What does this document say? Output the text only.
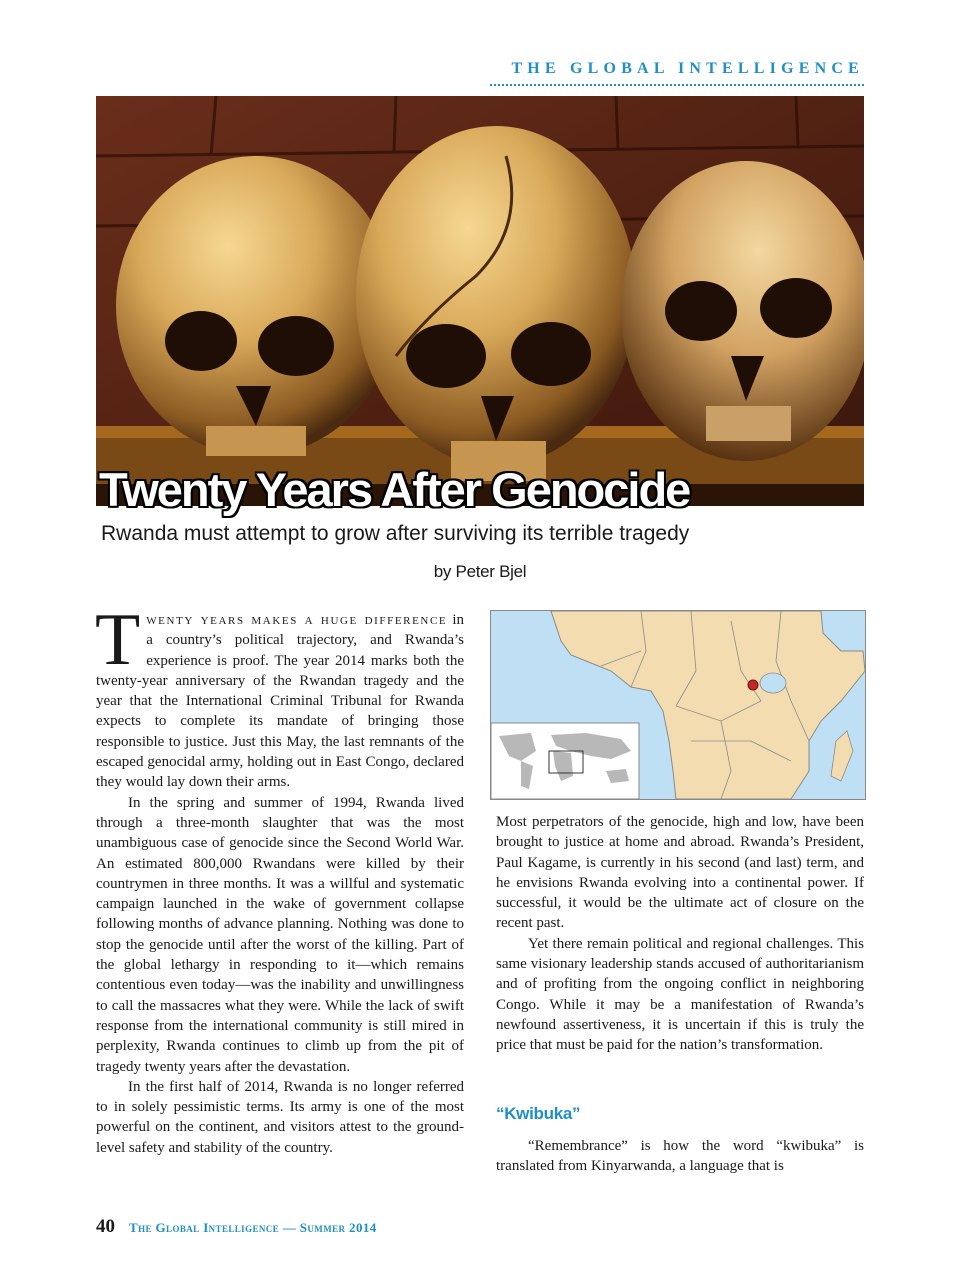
THE GLOBAL INTELLIGENCE
Twenty Years After Genocide
Rwanda must attempt to grow after surviving its terrible tragedy
by Peter Bjel

Twenty years makes a huge difference in a country’s political trajectory, and Rwanda’s experience is proof. The year 2014 marks both the twenty-year anniversary of the Rwandan tragedy and the year that the International Criminal Tribunal for Rwanda expects to complete its mandate of bringing those responsible to justice. Just this May, the last remnants of the escaped genocidal army, holding out in East Congo, declared they would lay down their arms.

In the spring and summer of 1994, Rwanda lived through a three-month slaughter that was the most unambiguous case of genocide since the Second World War. An estimated 800,000 Rwandans were killed by their countrymen in three months. It was a willful and systematic campaign launched in the wake of government collapse following months of advance planning. Nothing was done to stop the genocide until after the worst of the killing. Part of the global lethargy in responding to it—which remains contentious even today—was the inability and unwillingness to call the massacres what they were. While the lack of swift response from the international community is still mired in perplexity, Rwanda continues to climb up from the pit of tragedy twenty years after the devastation.

In the first half of 2014, Rwanda is no longer referred to in solely pessimistic terms. Its army is one of the most powerful on the continent, and visitors attest to the ground-level safety and stability of the country.

Most perpetrators of the genocide, high and low, have been brought to justice at home and abroad. Rwanda’s President, Paul Kagame, is currently in his second (and last) term, and he envisions Rwanda evolving into a continental power. If successful, it would be the ultimate act of closure on the recent past.

Yet there remain political and regional challenges. This same visionary leadership stands accused of authoritarianism and of profiting from the ongoing conflict in neighboring Congo. While it may be a manifestation of Rwanda’s newfound assertiveness, it is uncertain if this is truly the price that must be paid for the nation’s transformation.

“Kwibuka”

“Remembrance” is how the word “kwibuka” is translated from Kinyarwanda, a language that is

40 The Global Intelligence — Summer 2014
